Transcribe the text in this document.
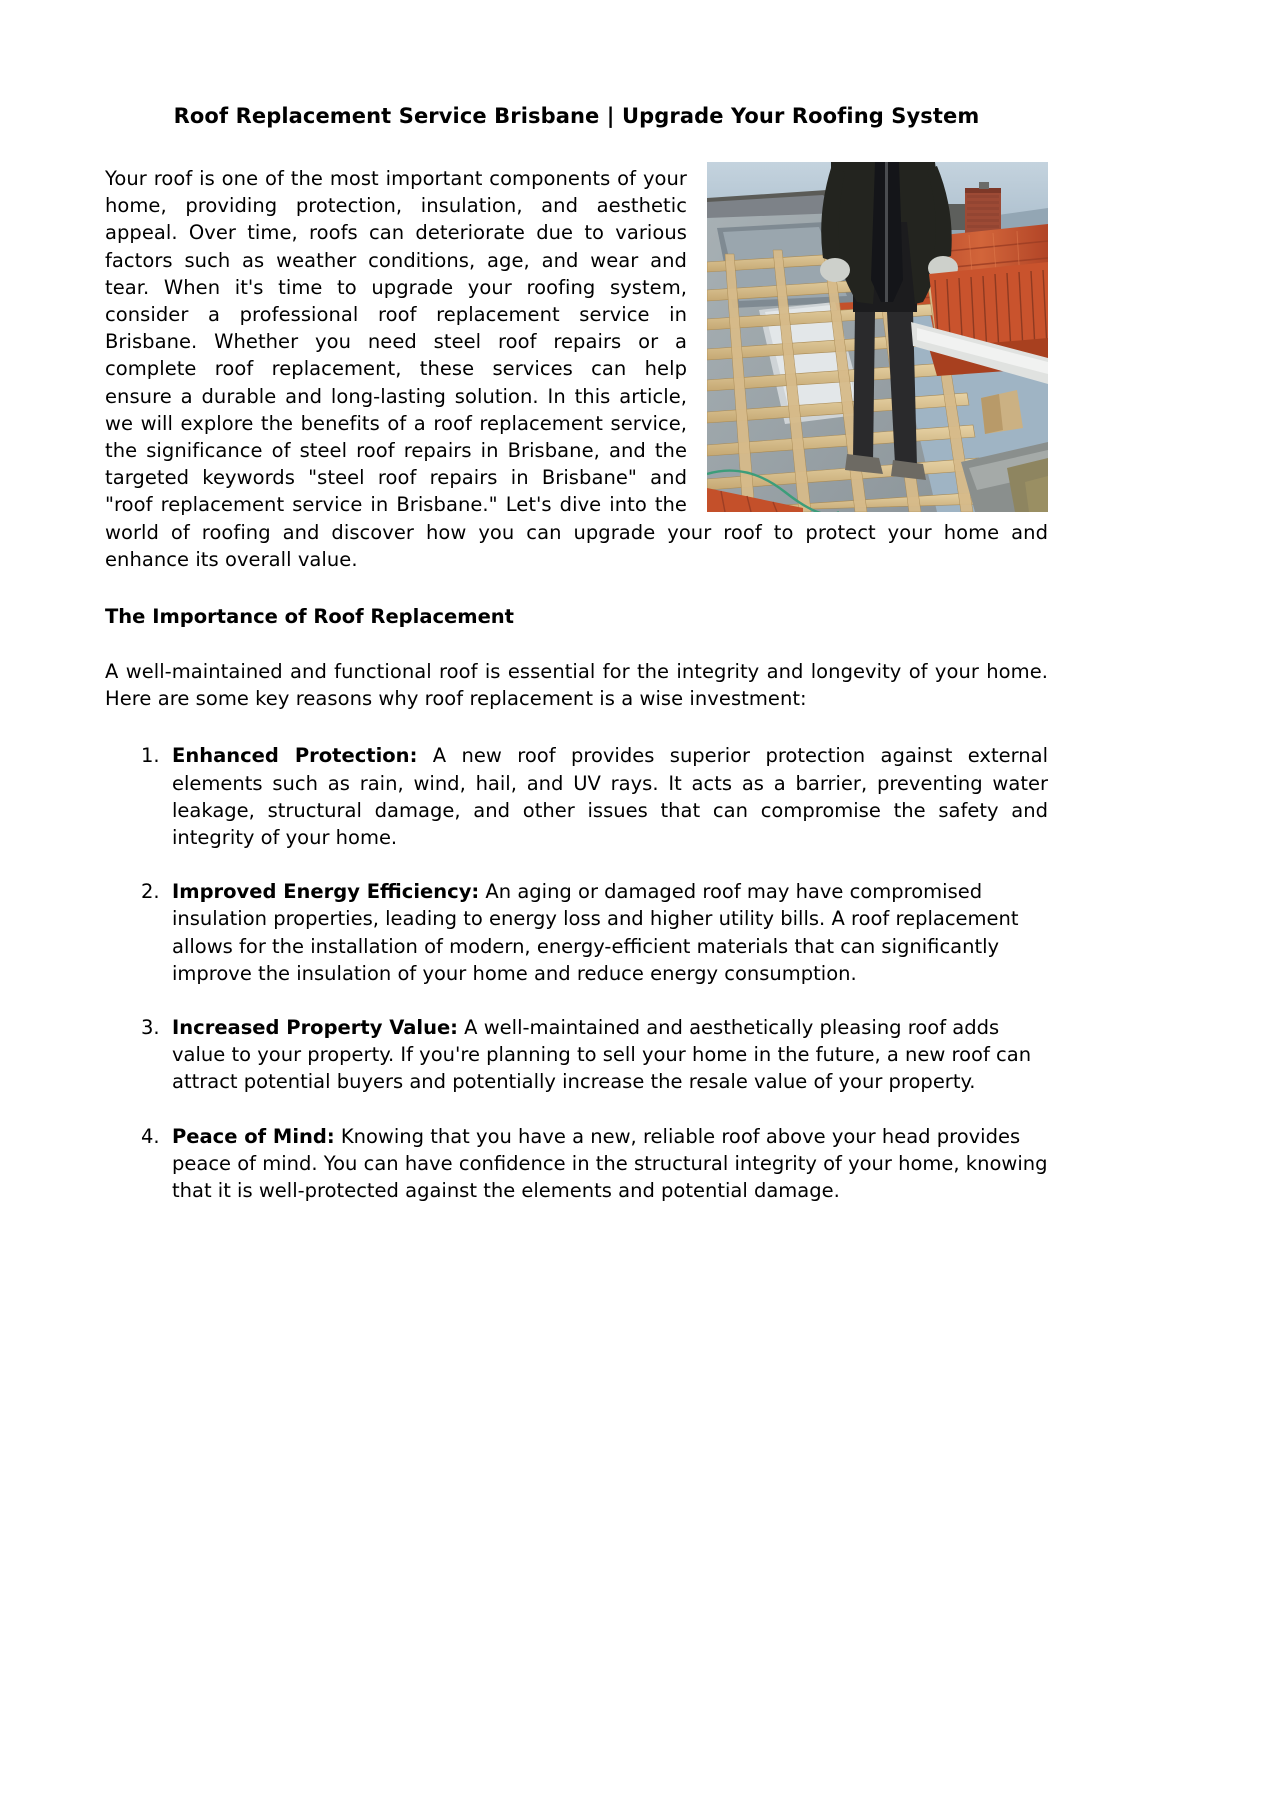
Roof Replacement Service Brisbane | Upgrade Your Roofing System

Your roof is one of the most important components of your home, providing protection, insulation, and aesthetic appeal. Over time, roofs can deteriorate due to various factors such as weather conditions, age, and wear and tear. When it's time to upgrade your roofing system, consider a professional roof replacement service in Brisbane. Whether you need steel roof repairs or a complete roof replacement, these services can help ensure a durable and long-lasting solution. In this article, we will explore the benefits of a roof replacement service, the significance of steel roof repairs in Brisbane, and the targeted keywords "steel roof repairs in Brisbane" and "roof replacement service in Brisbane." Let's dive into the world of roofing and discover how you can upgrade your roof to protect your home and enhance its overall value.

The Importance of Roof Replacement

A well-maintained and functional roof is essential for the integrity and longevity of your home. Here are some key reasons why roof replacement is a wise investment:

Enhanced Protection: A new roof provides superior protection against external elements such as rain, wind, hail, and UV rays. It acts as a barrier, preventing water leakage, structural damage, and other issues that can compromise the safety and integrity of your home.
Improved Energy Efficiency: An aging or damaged roof may have compromised insulation properties, leading to energy loss and higher utility bills. A roof replacement allows for the installation of modern, energy-efficient materials that can significantly improve the insulation of your home and reduce energy consumption.
Increased Property Value: A well-maintained and aesthetically pleasing roof adds value to your property. If you're planning to sell your home in the future, a new roof can attract potential buyers and potentially increase the resale value of your property.
Peace of Mind: Knowing that you have a new, reliable roof above your head provides peace of mind. You can have confidence in the structural integrity of your home, knowing that it is well-protected against the elements and potential damage.
